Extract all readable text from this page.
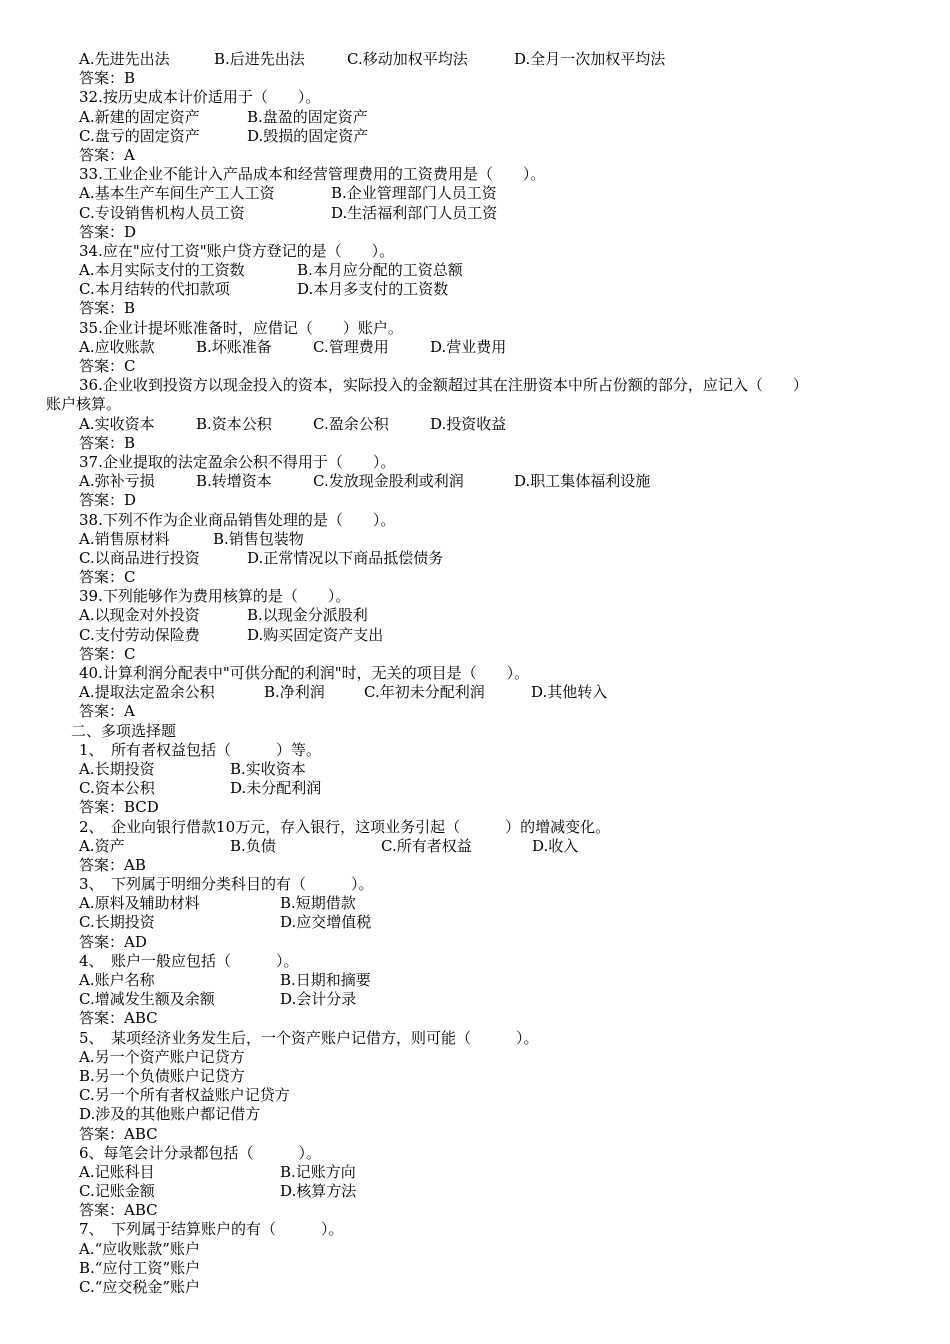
A.先进先出法	B.后进先出法	C.移动加权平均法	D.全月一次加权平均法
答案：B
32.按历史成本计价适用于（　　）。
A.新建的固定资产	B.盘盈的固定资产
C.盘亏的固定资产	D.毁损的固定资产
答案：A
33.工业企业不能计入产品成本和经营管理费用的工资费用是（　　）。
A.基本生产车间生产工人工资	B.企业管理部门人员工资
C.专设销售机构人员工资	D.生活福利部门人员工资
答案：D
34.应在"应付工资"账户贷方登记的是（　　）。
A.本月实际支付的工资数	B.本月应分配的工资总额
C.本月结转的代扣款项	D.本月多支付的工资数
答案：B
35.企业计提坏账准备时，应借记（　　）账户。
A.应收账款	B.坏账准备	C.管理费用	D.营业费用
答案：C
36.企业收到投资方以现金投入的资本，实际投入的金额超过其在注册资本中所占份额的部分，应记入（　　）
账户核算。
A.实收资本	B.资本公积	C.盈余公积	D.投资收益
答案：B
37.企业提取的法定盈余公积不得用于（　　）。
A.弥补亏损	B.转增资本	C.发放现金股利或利润	D.职工集体福利设施
答案：D
38.下列不作为企业商品销售处理的是（　　）。
A.销售原材料	B.销售包装物
C.以商品进行投资	D.正常情况以下商品抵偿债务
答案：C
39.下列能够作为费用核算的是（　　）。
A.以现金对外投资	B.以现金分派股利
C.支付劳动保险费	D.购买固定资产支出
答案：C
40.计算利润分配表中"可供分配的利润"时，无关的项目是（　　）。
A.提取法定盈余公积	B.净利润	C.年初未分配利润	D.其他转入
答案：A
二、多项选择题
1、　所有者权益包括（　　　）等。
A.长期投资	B.实收资本
C.资本公积	D.未分配利润
答案：BCD
2、　企业向银行借款10万元，存入银行，这项业务引起（　　　）的增减变化。
A.资产	B.负债	C.所有者权益	D.收入
答案：AB
3、　下列属于明细分类科目的有（　　　）。
A.原料及辅助材料	B.短期借款
C.长期投资	D.应交增值税
答案：AD
4、　账户一般应包括（　　　）。
A.账户名称	B.日期和摘要
C.增减发生额及余额	D.会计分录
答案：ABC
5、　某项经济业务发生后，一个资产账户记借方，则可能（　　　）。
A.另一个资产账户记贷方
B.另一个负债账户记贷方
C.另一个所有者权益账户记贷方
D.涉及的其他账户都记借方
答案：ABC
6、每笔会计分录都包括（　　　）。
A.记账科目	B.记账方向
C.记账金额	D.核算方法
答案：ABC
7、　下列属于结算账户的有（　　　）。
A.“应收账款”账户
B.“应付工资”账户
C.“应交税金”账户
